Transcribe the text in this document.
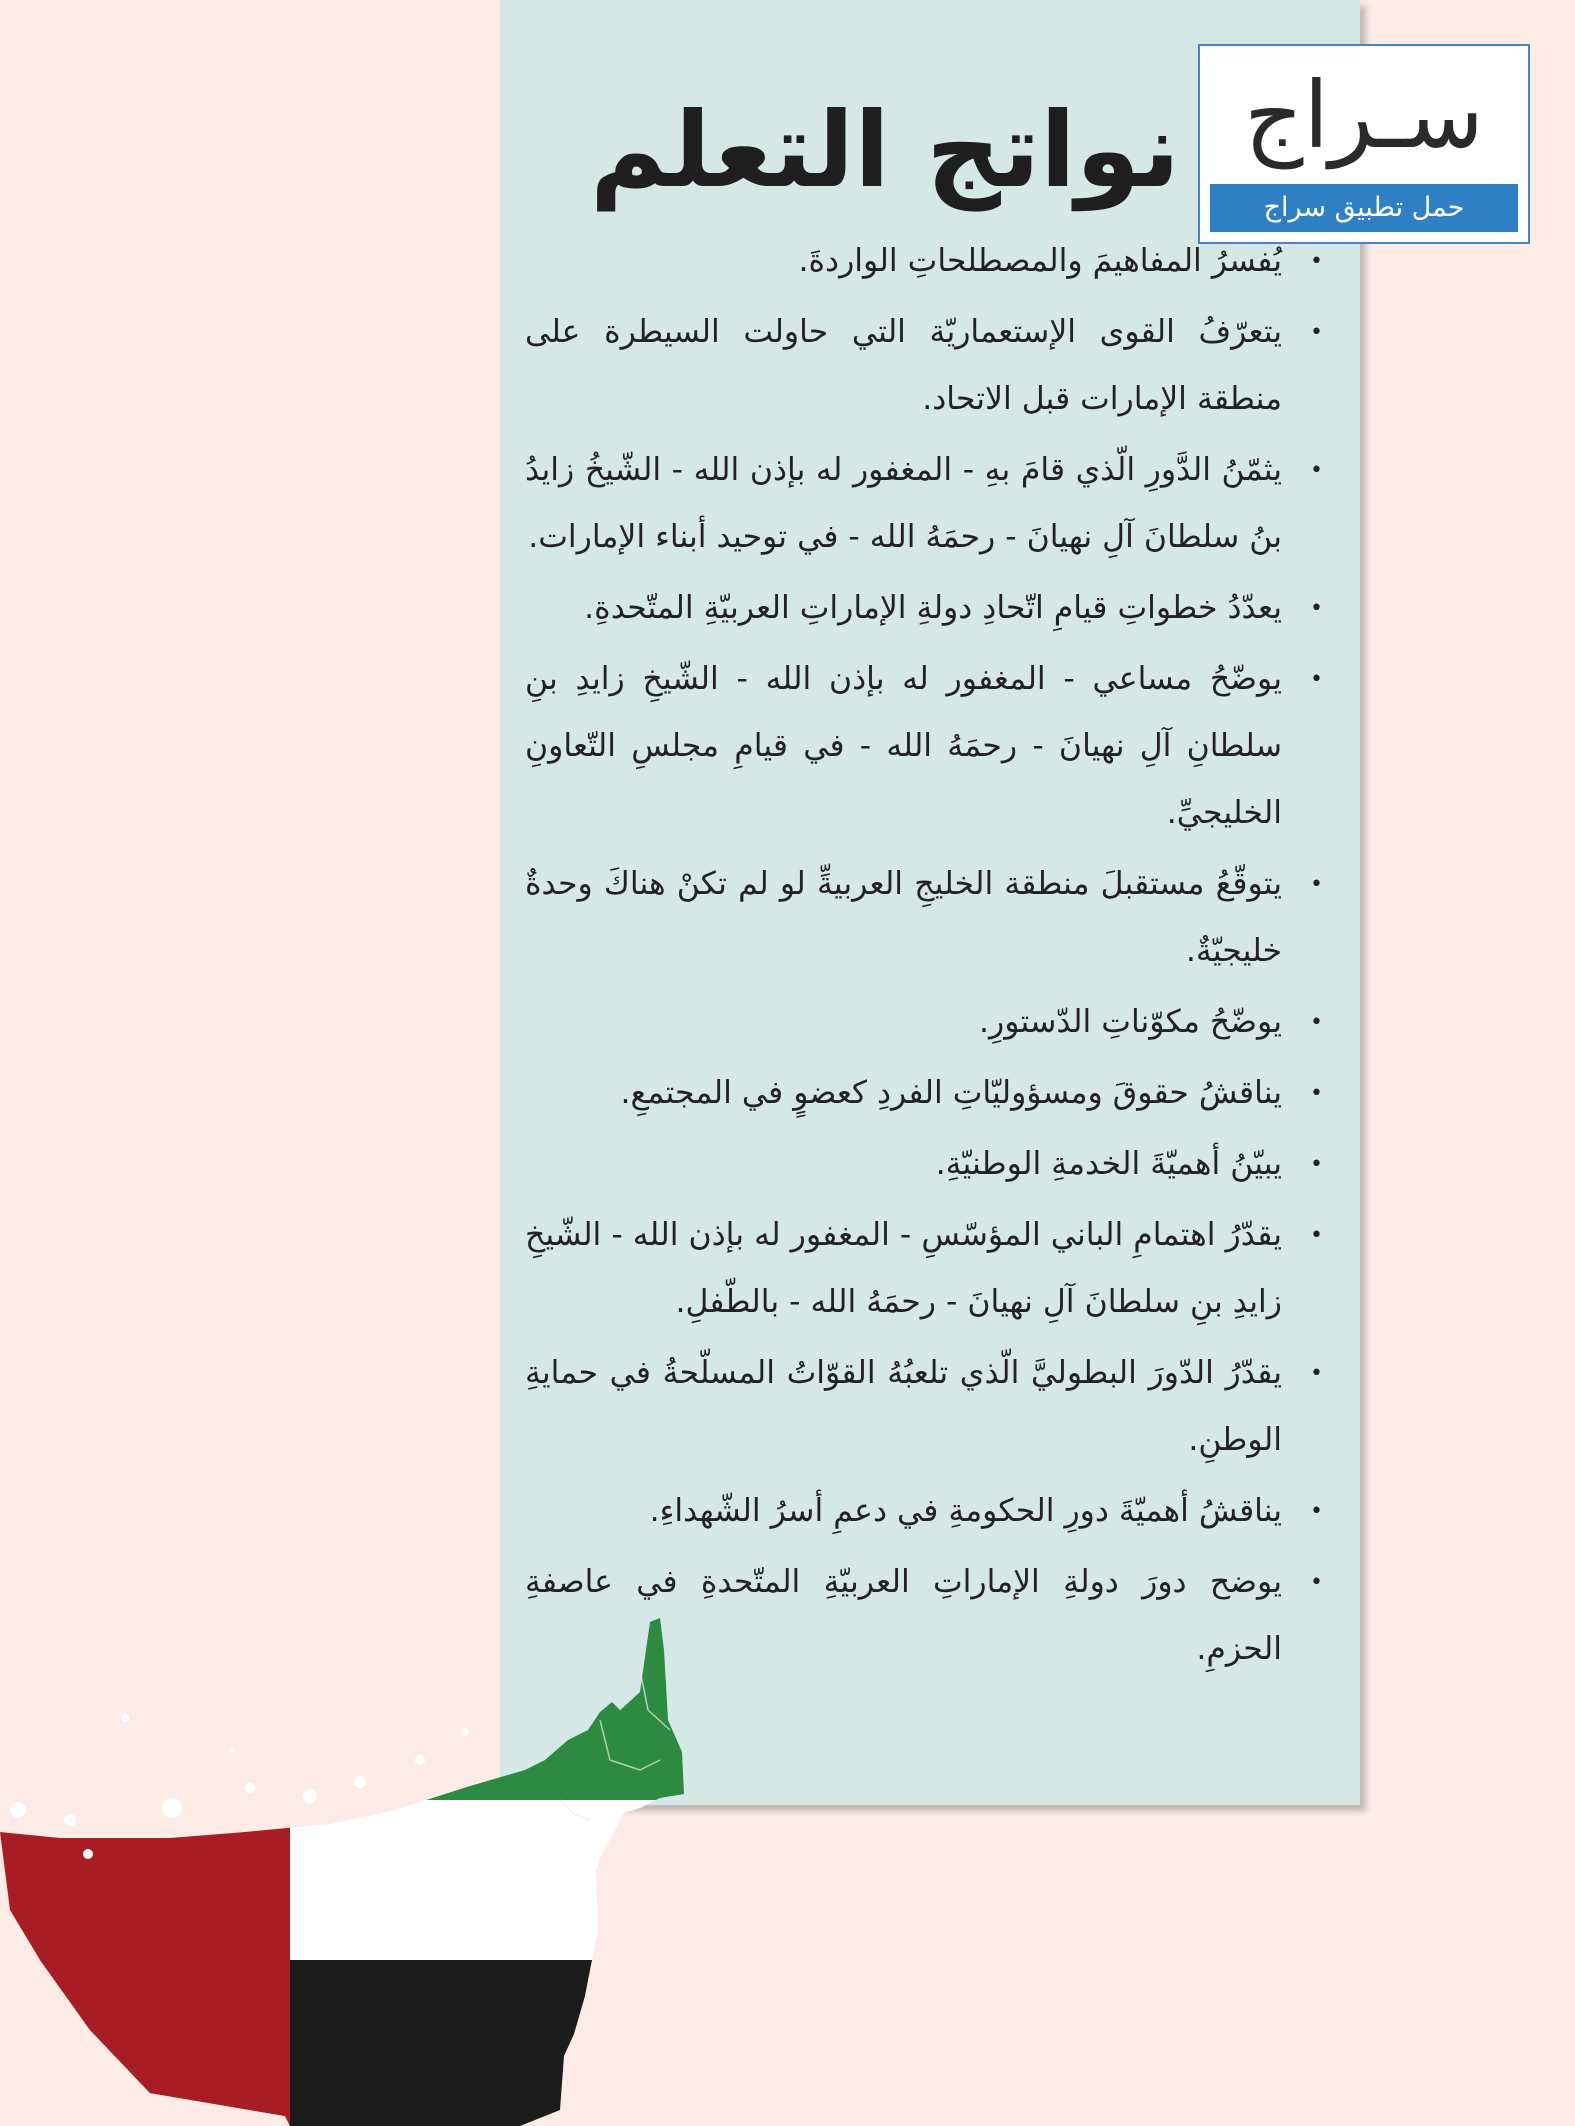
سـراج
حمل تطبيق سراج
نواتج التعلم
•
يُفسرُ المفاهيمَ والمصطلحاتِ الواردةَ.
•
يتعرّفُ القوى الإستعماريّة التي حاولت السيطرة على منطقة الإمارات قبل الاتحاد.
•
يثمّنُ الدَّورِ الّذي قامَ بهِ - المغفور له بإذن الله - الشّيخُ زايدُ بنُ سلطانَ آلِ نهيانَ - رحمَهُ الله - في توحيد أبناء الإمارات.
•
يعدّدُ خطواتِ قيامِ اتّحادِ دولةِ الإماراتِ العربيّةِ المتّحدةِ.
•
يوضّحُ مساعي - المغفور له بإذن الله - الشّيخِ زايدِ بنِ سلطانِ آلِ نهيانَ - رحمَهُ الله - في قيامِ مجلسِ التّعاونِ الخليجيِّ.
•
يتوقّعُ مستقبلَ منطقة الخليجِ العربيةِّ لو لم تكنْ هناكَ وحدةٌ خليجيّةٌ.
•
يوضّحُ مكوّناتِ الدّستورِ.
•
يناقشُ حقوقَ ومسؤوليّاتِ الفردِ كعضوٍ في المجتمعِ.
•
يبيّنُ أهميّةَ الخدمةِ الوطنيّةِ.
•
يقدّرُ اهتمامِ الباني المؤسّسِ - المغفور له بإذن الله - الشّيخِ زايدِ بنِ سلطانَ آلِ نهيانَ - رحمَهُ الله - بالطّفلِ.
•
يقدّرُ الدّورَ البطوليَّ الّذي تلعبُهُ القوّاتُ المسلّحةُ في حمايةِ الوطنِ.
•
يناقشُ أهميّةَ دورِ الحكومةِ في دعمِ أسرُ الشّهداءِ.
•
يوضح دورَ دولةِ الإماراتِ العربيّةِ المتّحدةِ في عاصفةِ الحزمِ.
